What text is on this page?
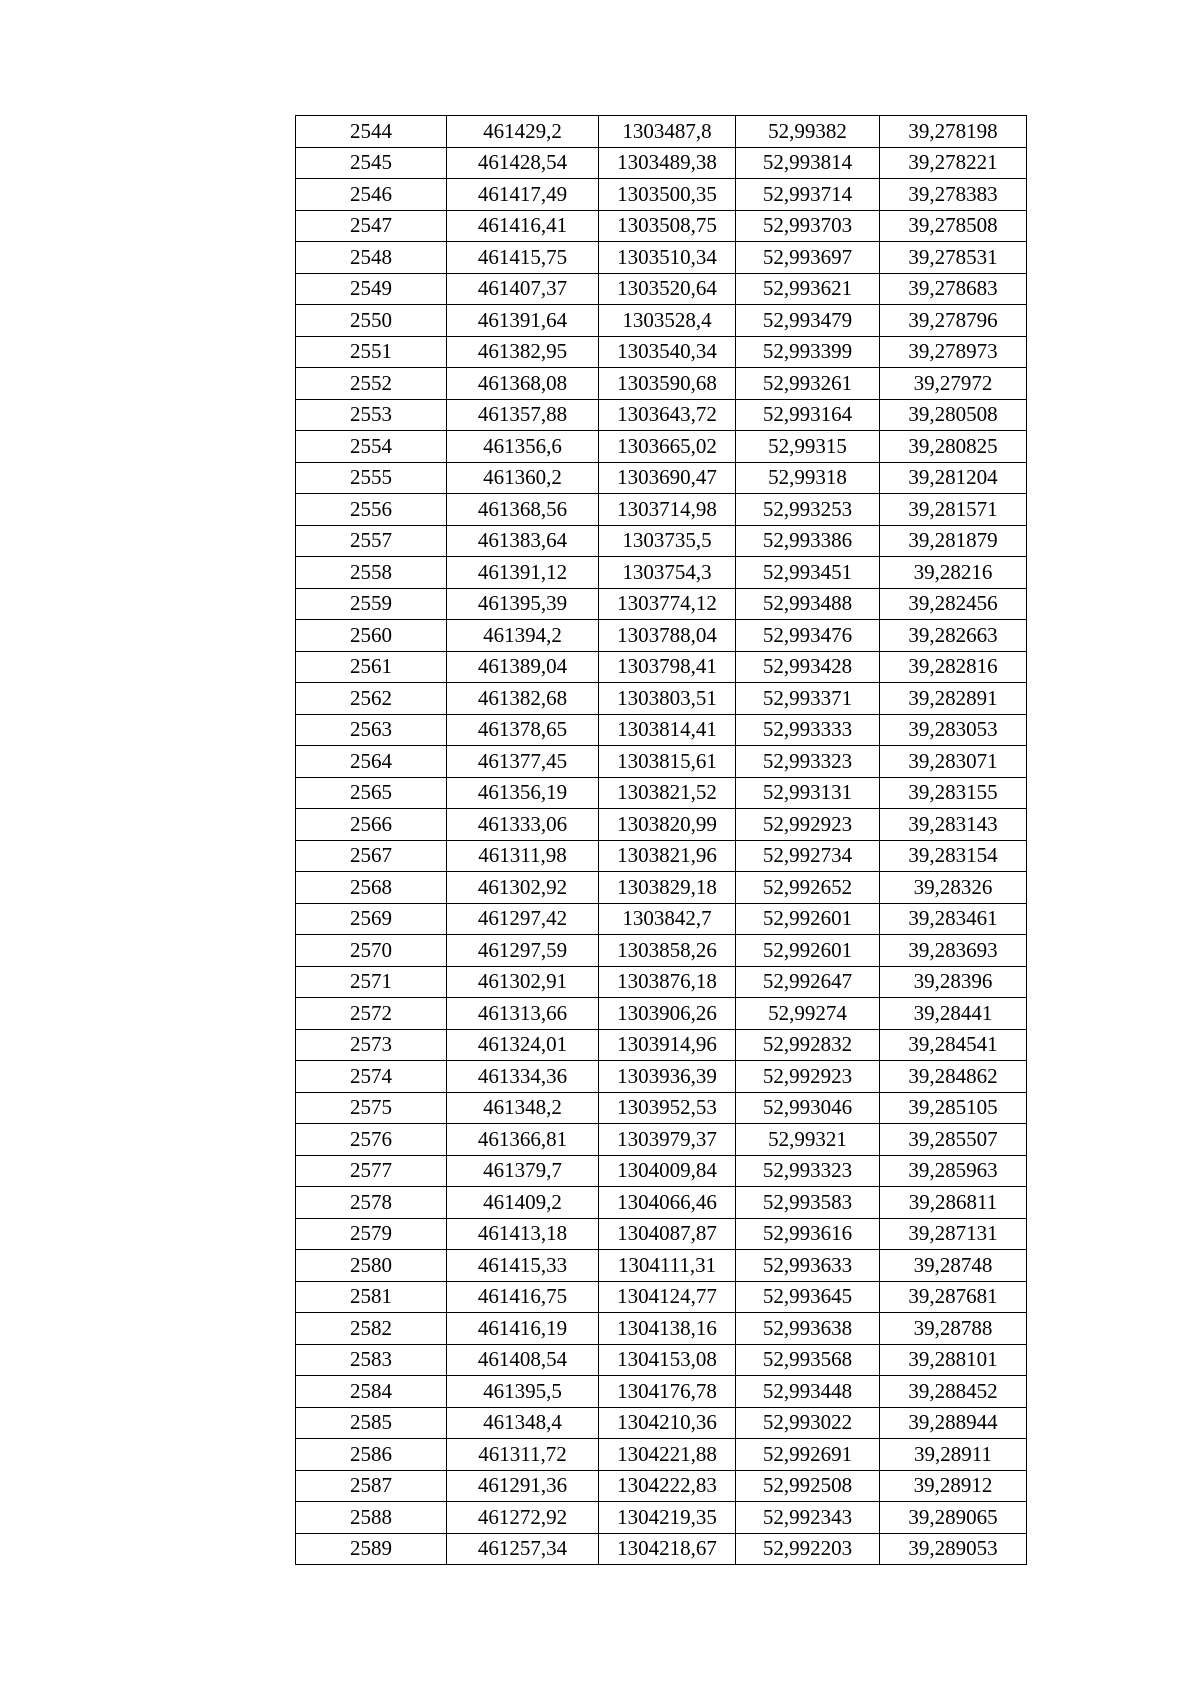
2544	461429,2	1303487,8	52,99382	39,278198
2545	461428,54	1303489,38	52,993814	39,278221
2546	461417,49	1303500,35	52,993714	39,278383
2547	461416,41	1303508,75	52,993703	39,278508
2548	461415,75	1303510,34	52,993697	39,278531
2549	461407,37	1303520,64	52,993621	39,278683
2550	461391,64	1303528,4	52,993479	39,278796
2551	461382,95	1303540,34	52,993399	39,278973
2552	461368,08	1303590,68	52,993261	39,27972
2553	461357,88	1303643,72	52,993164	39,280508
2554	461356,6	1303665,02	52,99315	39,280825
2555	461360,2	1303690,47	52,99318	39,281204
2556	461368,56	1303714,98	52,993253	39,281571
2557	461383,64	1303735,5	52,993386	39,281879
2558	461391,12	1303754,3	52,993451	39,28216
2559	461395,39	1303774,12	52,993488	39,282456
2560	461394,2	1303788,04	52,993476	39,282663
2561	461389,04	1303798,41	52,993428	39,282816
2562	461382,68	1303803,51	52,993371	39,282891
2563	461378,65	1303814,41	52,993333	39,283053
2564	461377,45	1303815,61	52,993323	39,283071
2565	461356,19	1303821,52	52,993131	39,283155
2566	461333,06	1303820,99	52,992923	39,283143
2567	461311,98	1303821,96	52,992734	39,283154
2568	461302,92	1303829,18	52,992652	39,28326
2569	461297,42	1303842,7	52,992601	39,283461
2570	461297,59	1303858,26	52,992601	39,283693
2571	461302,91	1303876,18	52,992647	39,28396
2572	461313,66	1303906,26	52,99274	39,28441
2573	461324,01	1303914,96	52,992832	39,284541
2574	461334,36	1303936,39	52,992923	39,284862
2575	461348,2	1303952,53	52,993046	39,285105
2576	461366,81	1303979,37	52,99321	39,285507
2577	461379,7	1304009,84	52,993323	39,285963
2578	461409,2	1304066,46	52,993583	39,286811
2579	461413,18	1304087,87	52,993616	39,287131
2580	461415,33	1304111,31	52,993633	39,28748
2581	461416,75	1304124,77	52,993645	39,287681
2582	461416,19	1304138,16	52,993638	39,28788
2583	461408,54	1304153,08	52,993568	39,288101
2584	461395,5	1304176,78	52,993448	39,288452
2585	461348,4	1304210,36	52,993022	39,288944
2586	461311,72	1304221,88	52,992691	39,28911
2587	461291,36	1304222,83	52,992508	39,28912
2588	461272,92	1304219,35	52,992343	39,289065
2589	461257,34	1304218,67	52,992203	39,289053
